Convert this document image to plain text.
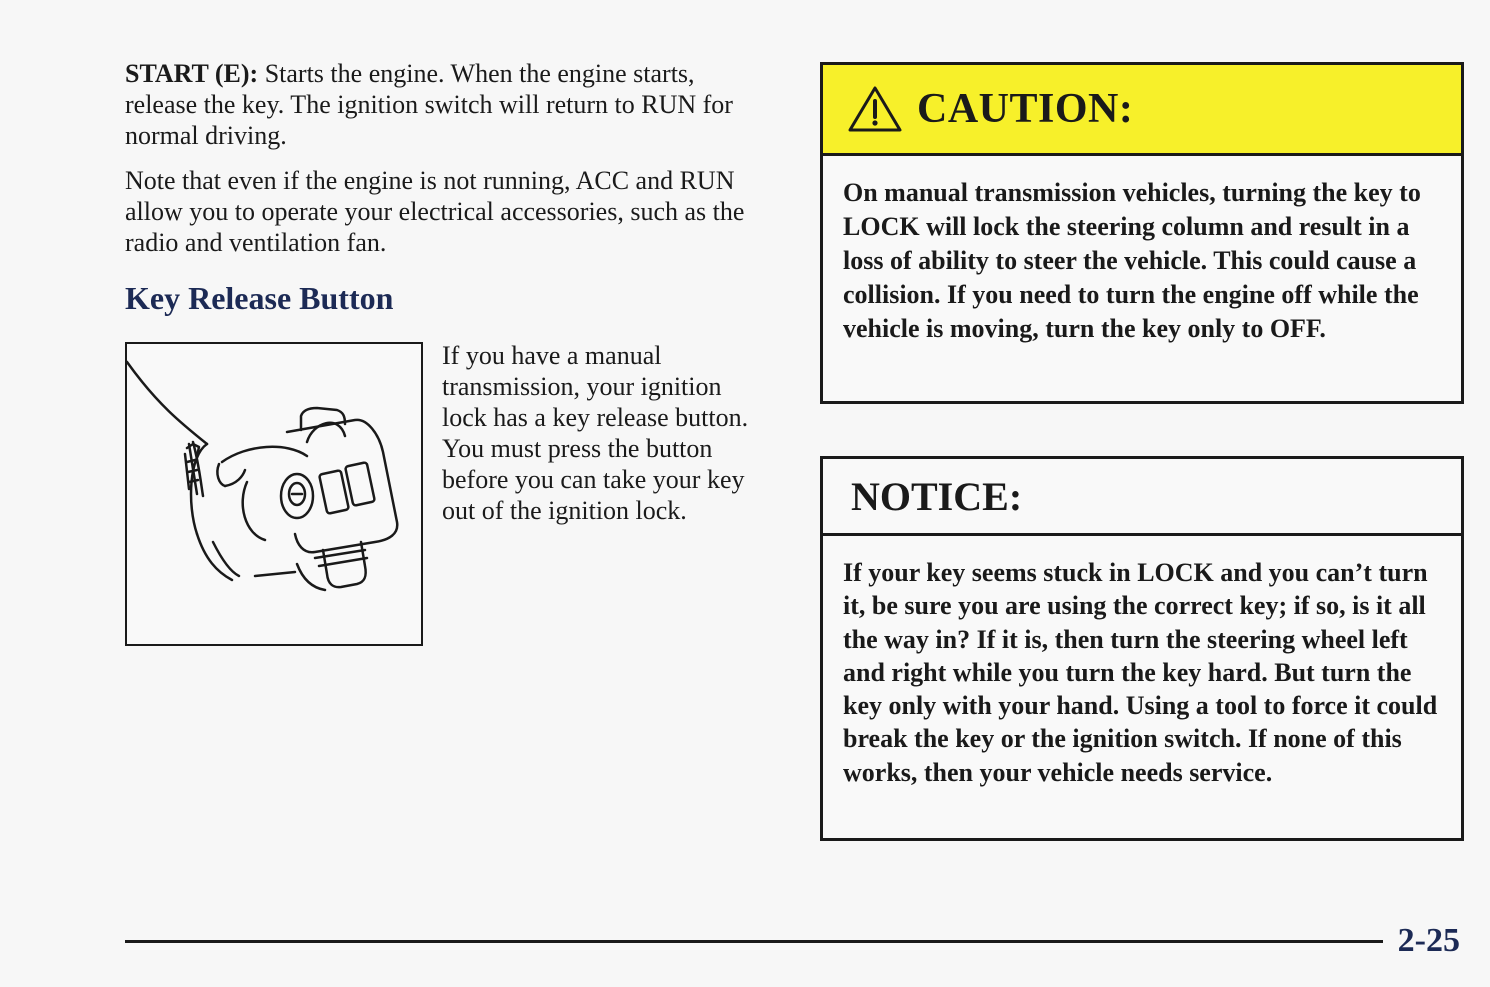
START (E): Starts the engine. When the engine starts, release the key. The ignition switch will return to RUN for normal driving.

Note that even if the engine is not running, ACC and RUN allow you to operate your electrical accessories, such as the radio and ventilation fan.

Key Release Button

If you have a manual transmission, your ignition lock has a key release button. You must press the button before you can take your key out of the ignition lock.

CAUTION:

On manual transmission vehicles, turning the key to LOCK will lock the steering column and result in a loss of ability to steer the vehicle. This could cause a collision. If you need to turn the engine off while the vehicle is moving, turn the key only to OFF.

NOTICE:

If your key seems stuck in LOCK and you can’t turn it, be sure you are using the correct key; if so, is it all the way in? If it is, then turn the steering wheel left and right while you turn the key hard. But turn the key only with your hand. Using a tool to force it could break the key or the ignition switch. If none of this works, then your vehicle needs service.

2-25
